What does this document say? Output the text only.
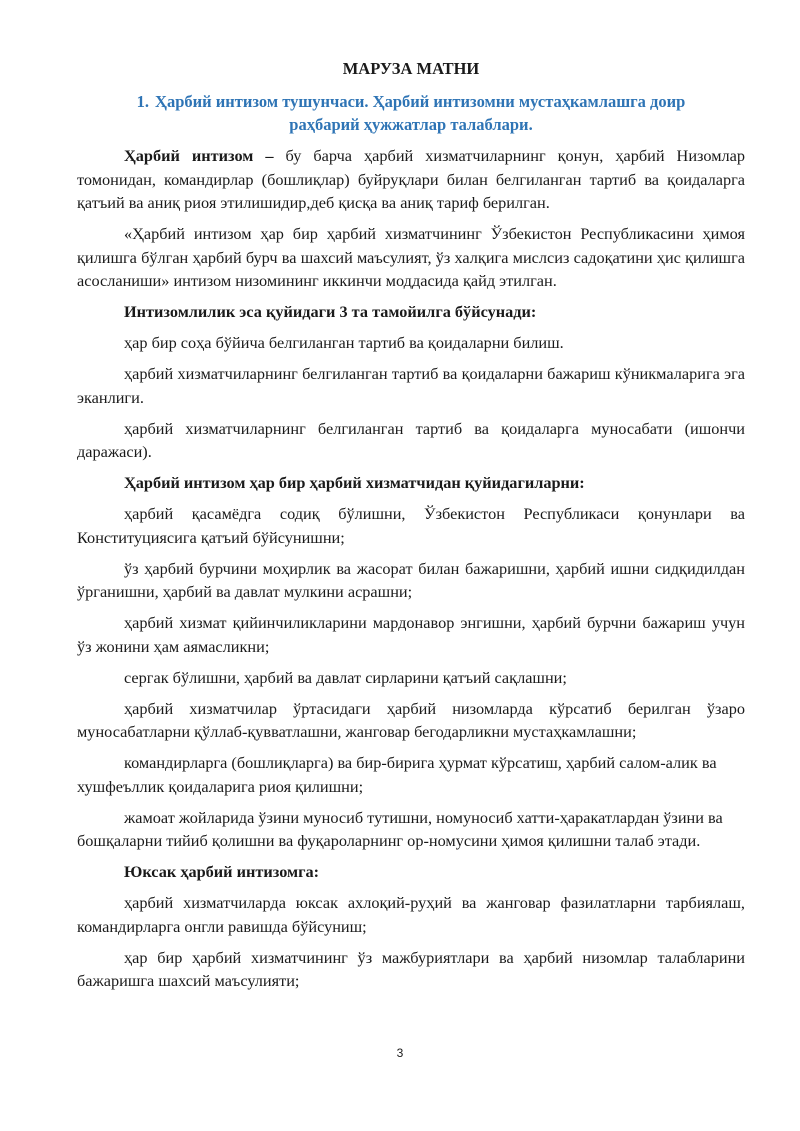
МАРУЗА МАТНИ
1. Ҳарбий интизом тушунчаси. Ҳарбий интизомни мустаҳкамлашга доир
раҳбарий ҳужжатлар талаблари.

Ҳарбий интизом – бу барча ҳарбий хизматчиларнинг қонун, ҳарбий Низомлар томонидан, командирлар (бошлиқлар) буйруқлари билан белгиланган тартиб ва қоидаларга қатъий ва аниқ риоя этилишидир,деб қисқа ва аниқ тариф берилган.

«Ҳарбий интизом ҳар бир ҳарбий хизматчининг Ўзбекистон Республикасини ҳимоя қилишга бўлган ҳарбий бурч ва шахсий маъсулият, ўз халқига мислсиз садоқатини ҳис қилишга асосланиши» интизом низомининг иккинчи моддасида қайд этилган.

Интизомлилик эса қуйидаги 3 та тамойилга бўйсунади:

ҳар бир соҳа бўйича белгиланган тартиб ва қоидаларни билиш.

ҳарбий хизматчиларнинг белгиланган тартиб ва қоидаларни бажариш кўникмаларига эга эканлиги.

ҳарбий хизматчиларнинг белгиланган тартиб ва қоидаларга муносабати (ишончи даражаси).

Ҳарбий интизом ҳар бир ҳарбий хизматчидан қуйидагиларни:

ҳарбий қасамёдга содиқ бўлишни, Ўзбекистон Республикаси қонунлари ва Конституциясига қатъий бўйсунишни;

ўз ҳарбий бурчини моҳирлик ва жасорат билан бажаришни, ҳарбий ишни сидқидилдан ўрганишни, ҳарбий ва давлат мулкини асрашни;

ҳарбий хизмат қийинчиликларини мардонавор энгишни, ҳарбий бурчни бажариш учун ўз жонини ҳам аямасликни;

сергак бўлишни, ҳарбий ва давлат сирларини қатъий сақлашни;

ҳарбий хизматчилар ўртасидаги ҳарбий низомларда кўрсатиб берилган ўзаро муносабатларни қўллаб-қувватлашни, жанговар бегодарликни мустаҳкамлашни;

командирларга (бошлиқларга) ва бир-бирига ҳурмат кўрсатиш, ҳарбий салом-алик ва хушфеъллик қоидаларига риоя қилишни;

жамоат жойларида ўзини муносиб тутишни, номуносиб хатти-ҳаракатлардан ўзини ва бошқаларни тийиб қолишни ва фуқароларнинг ор-номусини ҳимоя қилишни талаб этади.

Юксак ҳарбий интизомга:

ҳарбий хизматчиларда юксак ахлоқий-руҳий ва жанговар фазилатларни тарбиялаш, командирларга онгли равишда бўйсуниш;

ҳар бир ҳарбий хизматчининг ўз мажбуриятлари ва ҳарбий низомлар талабларини бажаришга шахсий маъсулияти;

3
